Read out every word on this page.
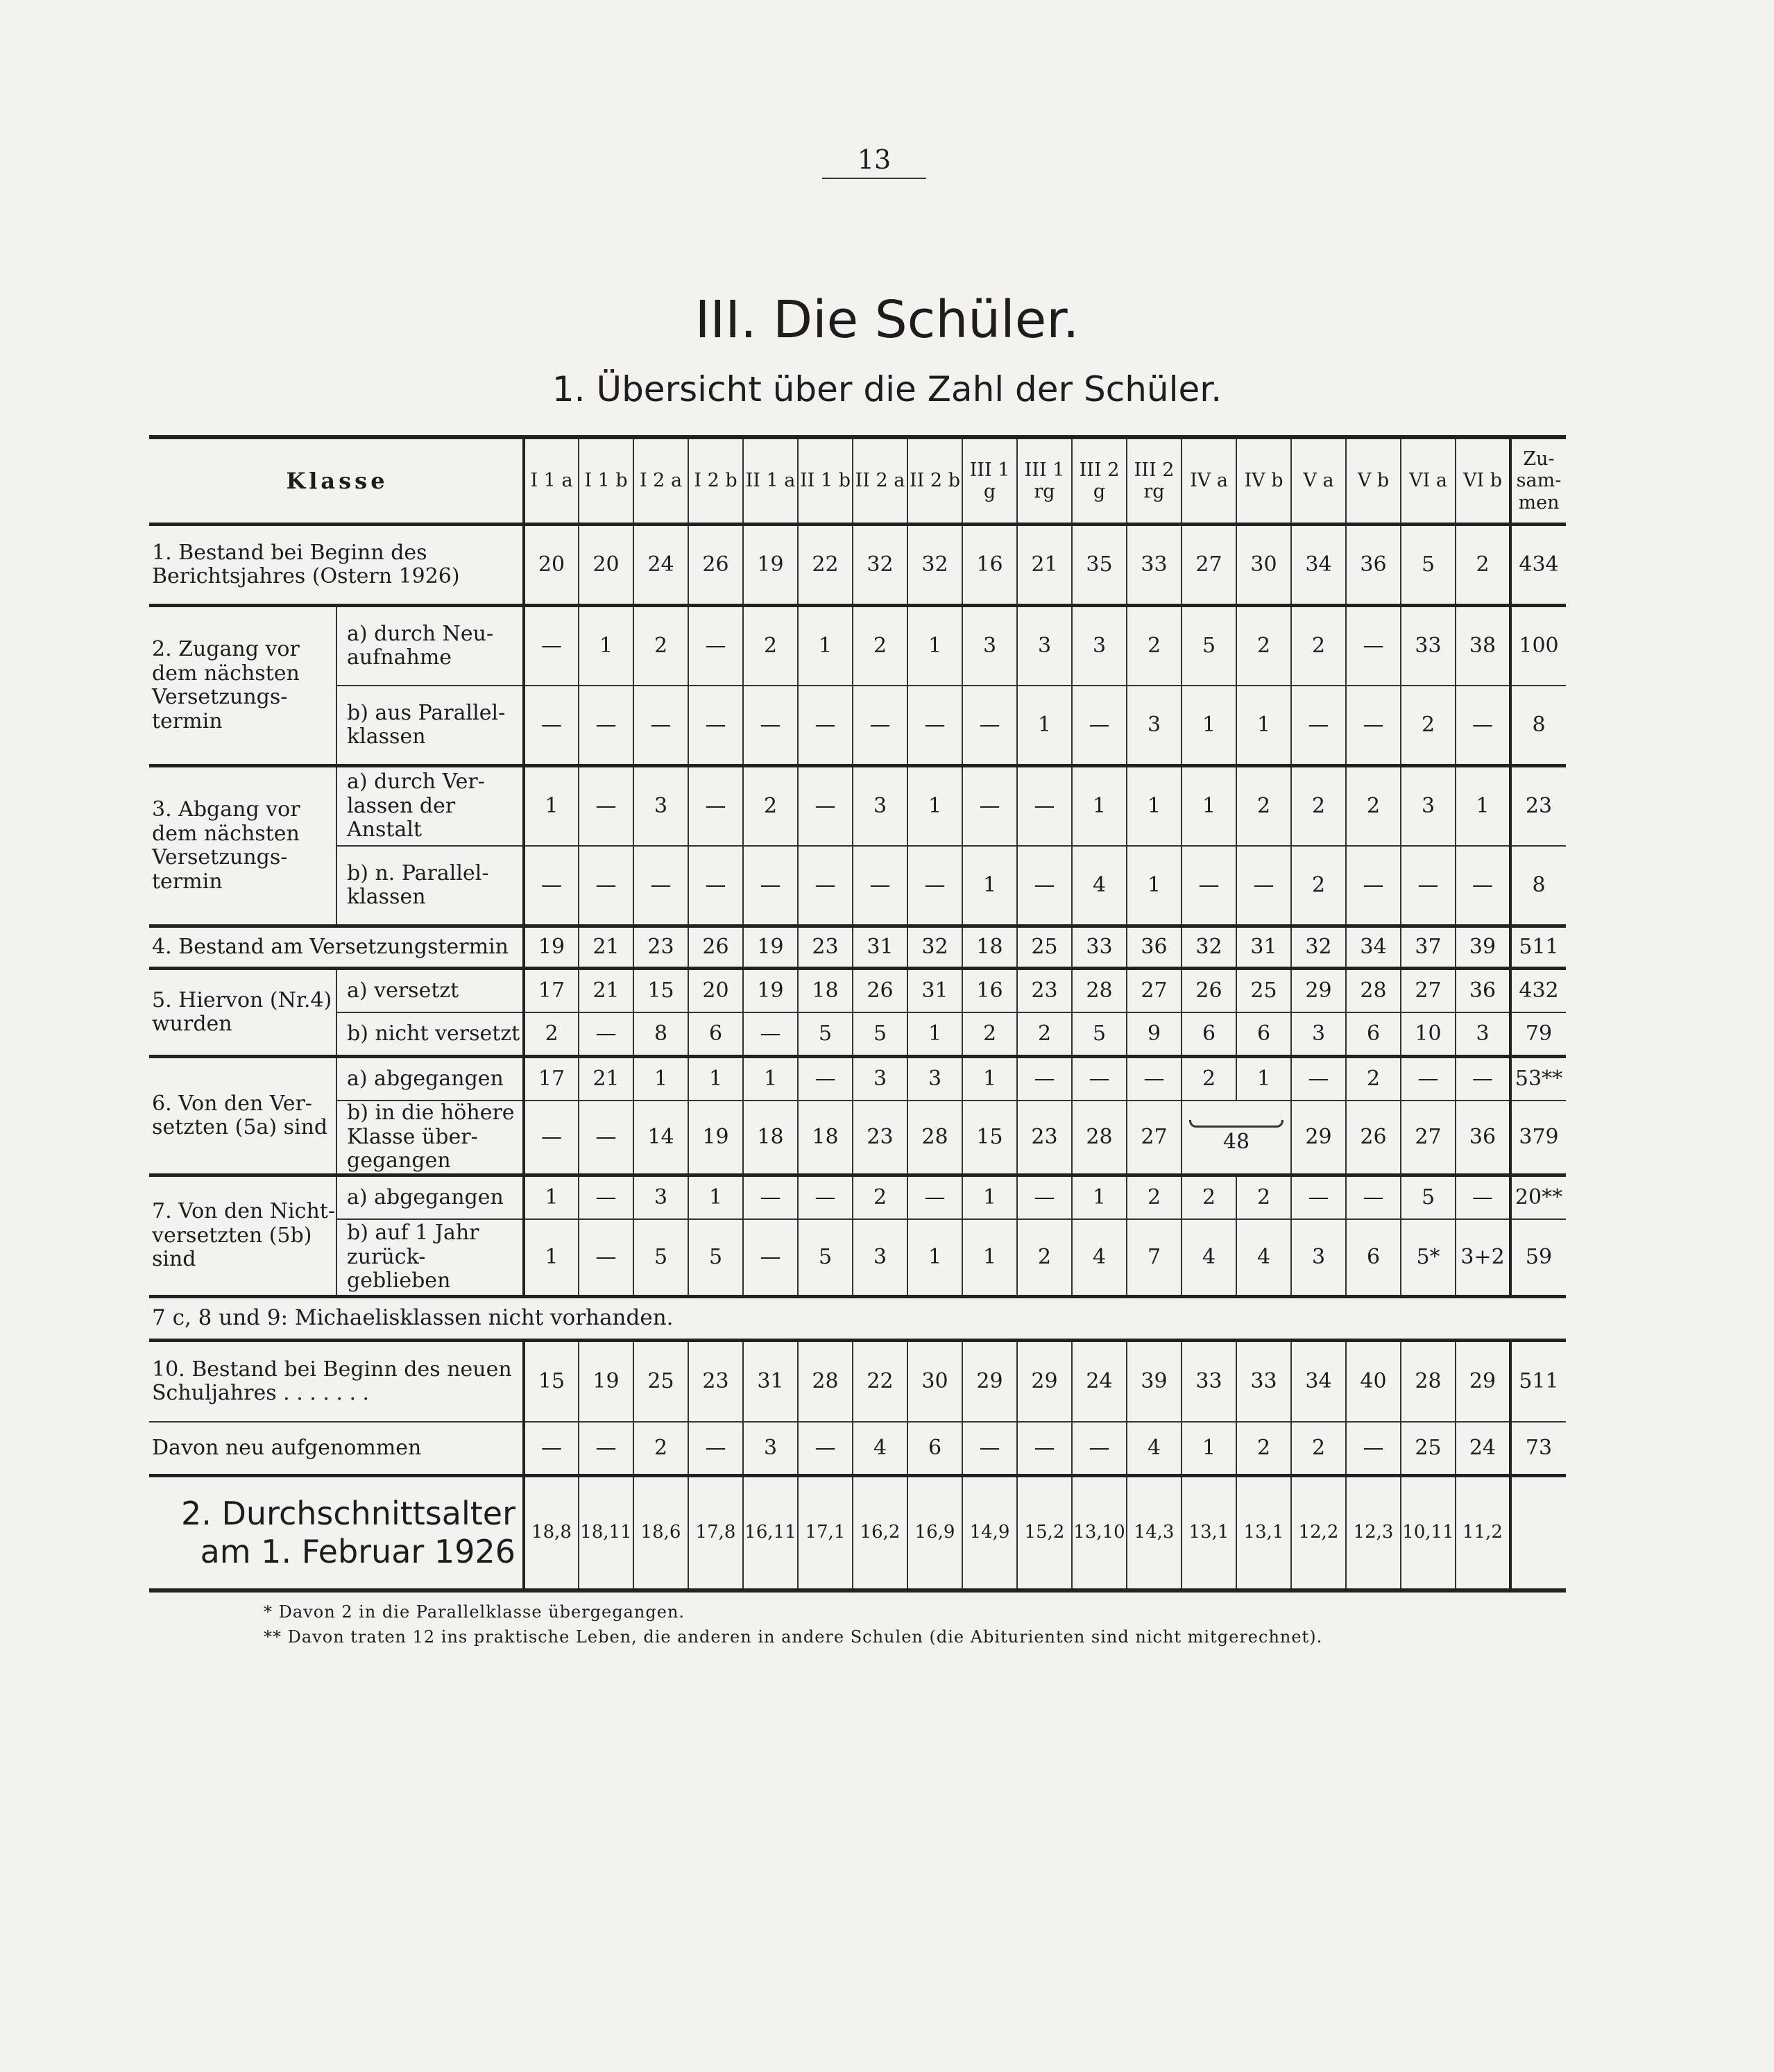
13
III. Die Schüler.
1. Übersicht über die Zahl der Schüler.
Klasse		I 1 a	I 1 b	I 2 a	I 2 b	II 1 a	II 1 b	II 2 a	II 2 b	III 1 g	III 1 rg	III 2 g	III 2 rg	IV a	IV b	V a	V b	VI a	VI b	Zu-sam-men
1. Bestand bei Beginn des Berichtsjahres (Ostern 1926)		20	20	24	26	19	22	32	32	16	21	35	33	27	30	34	36	5	2	434
2. Zugang vor dem nächsten Versetzungs-termin	a) durch Neu-aufnahme	—	1	2	—	2	1	2	1	3	3	3	2	5	2	2	—	33	38	100
	b) aus Parallel-klassen	—	—	—	—	—	—	—	—	—	1	—	3	1	1	—	—	2	—	8
3. Abgang vor dem nächsten Versetzungs-termin	a) durch Ver-lassen der Anstalt	1	—	3	—	2	—	3	1	—	—	1	1	1	2	2	2	3	1	23
	b) n. Parallel-klassen	—	—	—	—	—	—	—	—	1	—	4	1	—	—	2	—	—	—	8
4. Bestand am Versetzungstermin		19	21	23	26	19	23	31	32	18	25	33	36	32	31	32	34	37	39	511
5. Hiervon (Nr.4) wurden	a) versetzt	17	21	15	20	19	18	26	31	16	23	28	27	26	25	29	28	27	36	432
	b) nicht versetzt	2	—	8	6	—	5	5	1	2	2	5	9	6	6	3	6	10	3	79
6. Von den Ver-setzten (5a) sind	a) abgegangen	17	21	1	1	1	—	3	3	1	—	—	—	2	1	—	2	—	—	53**
	b) in die höhere Klasse über-gegangen	—	—	14	19	18	18	23	28	15	23	28	27	48		29	26	27	36	379
7. Von den Nicht-versetzten (5b) sind	a) abgegangen	1	—	3	1	—	—	2	—	1	—	1	2	2	2	—	—	5	—	20**
	b) auf 1 Jahr zurück-geblieben	1	—	5	5	—	5	3	1	1	2	4	7	4	4	3	6	5*	3+2	59
7 c, 8 und 9: Michaelisklassen nicht vorhanden.																				
10. Bestand bei Beginn des neuen Schuljahres . . . . . . .		15	19	25	23	31	28	22	30	29	29	24	39	33	33	34	40	28	29	511
Davon neu aufgenommen		—	—	2	—	3	—	4	6	—	—	—	4	1	2	2	—	25	24	73
2. Durchschnittsalter am 1. Februar 1926		18,8	18,11	18,6	17,8	16,11	17,1	16,2	16,9	14,9	15,2	13,10	14,3	13,1	13,1	12,2	12,3	10,11	11,2	
* Davon 2 in die Parallelklasse übergegangen.
** Davon traten 12 ins praktische Leben, die anderen in andere Schulen (die Abiturienten sind nicht mitgerechnet).
